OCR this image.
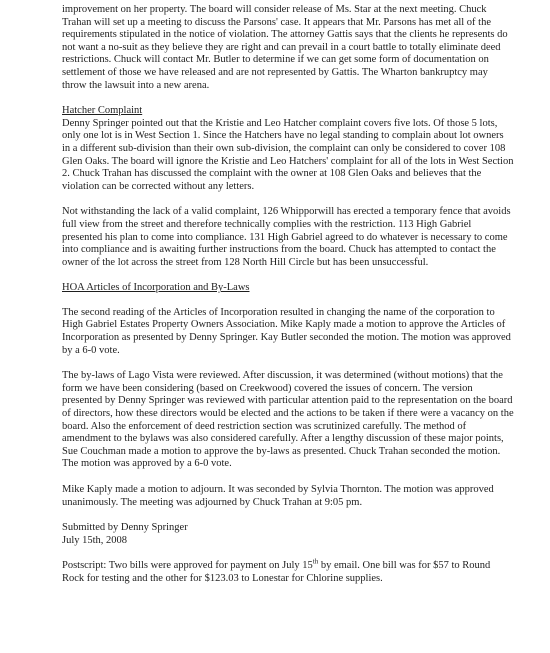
improvement on her property. The board will consider release of Ms. Star at the next meeting. Chuck Trahan will set up a meeting to discuss the Parsons' case. It appears that Mr. Parsons has met all of the requirements stipulated in the notice of violation. The attorney Gattis says that the clients he represents do not want a no-suit as they believe they are right and can prevail in a court battle to totally eliminate deed restrictions. Chuck will contact Mr. Butler to determine if we can get some form of documentation on settlement of those we have released and are not represented by Gattis. The Wharton bankruptcy may throw the lawsuit into a new arena.

Hatcher Complaint

Denny Springer pointed out that the Kristie and Leo Hatcher complaint covers five lots. Of those 5 lots, only one lot is in West Section 1. Since the Hatchers have no legal standing to complain about lot owners in a different sub-division than their own sub-division, the complaint can only be considered to cover 108 Glen Oaks. The board will ignore the Kristie and Leo Hatchers' complaint for all of the lots in West Section 2. Chuck Trahan has discussed the complaint with the owner at 108 Glen Oaks and believes that the violation can be corrected without any letters.

Not withstanding the lack of a valid complaint, 126 Whipporwill has erected a temporary fence that avoids full view from the street and therefore technically complies with the restriction. 113 High Gabriel presented his plan to come into compliance. 131 High Gabriel agreed to do whatever is necessary to come into compliance and is awaiting further instructions from the board. Chuck has attempted to contact the owner of the lot across the street from 128 North Hill Circle but has been unsuccessful.

HOA Articles of Incorporation and By-Laws

The second reading of the Articles of Incorporation resulted in changing the name of the corporation to High Gabriel Estates Property Owners Association. Mike Kaply made a motion to approve the Articles of Incorporation as presented by Denny Springer. Kay Butler seconded the motion. The motion was approved by a 6-0 vote.

The by-laws of Lago Vista were reviewed. After discussion, it was determined (without motions) that the form we have been considering (based on Creekwood) covered the issues of concern. The version presented by Denny Springer was reviewed with particular attention paid to the representation on the board of directors, how these directors would be elected and the actions to be taken if there were a vacancy on the board. Also the enforcement of deed restriction section was scrutinized carefully. The method of amendment to the bylaws was also considered carefully. After a lengthy discussion of these major points, Sue Couchman made a motion to approve the by-laws as presented. Chuck Trahan seconded the motion. The motion was approved by a 6-0 vote.

Mike Kaply made a motion to adjourn. It was seconded by Sylvia Thornton. The motion was approved unanimously. The meeting was adjourned by Chuck Trahan at 9:05 pm.

Submitted by Denny Springer

July 15th, 2008

Postscript: Two bills were approved for payment on July 15th by email. One bill was for $57 to Round Rock for testing and the other for $123.03 to Lonestar for Chlorine supplies.
